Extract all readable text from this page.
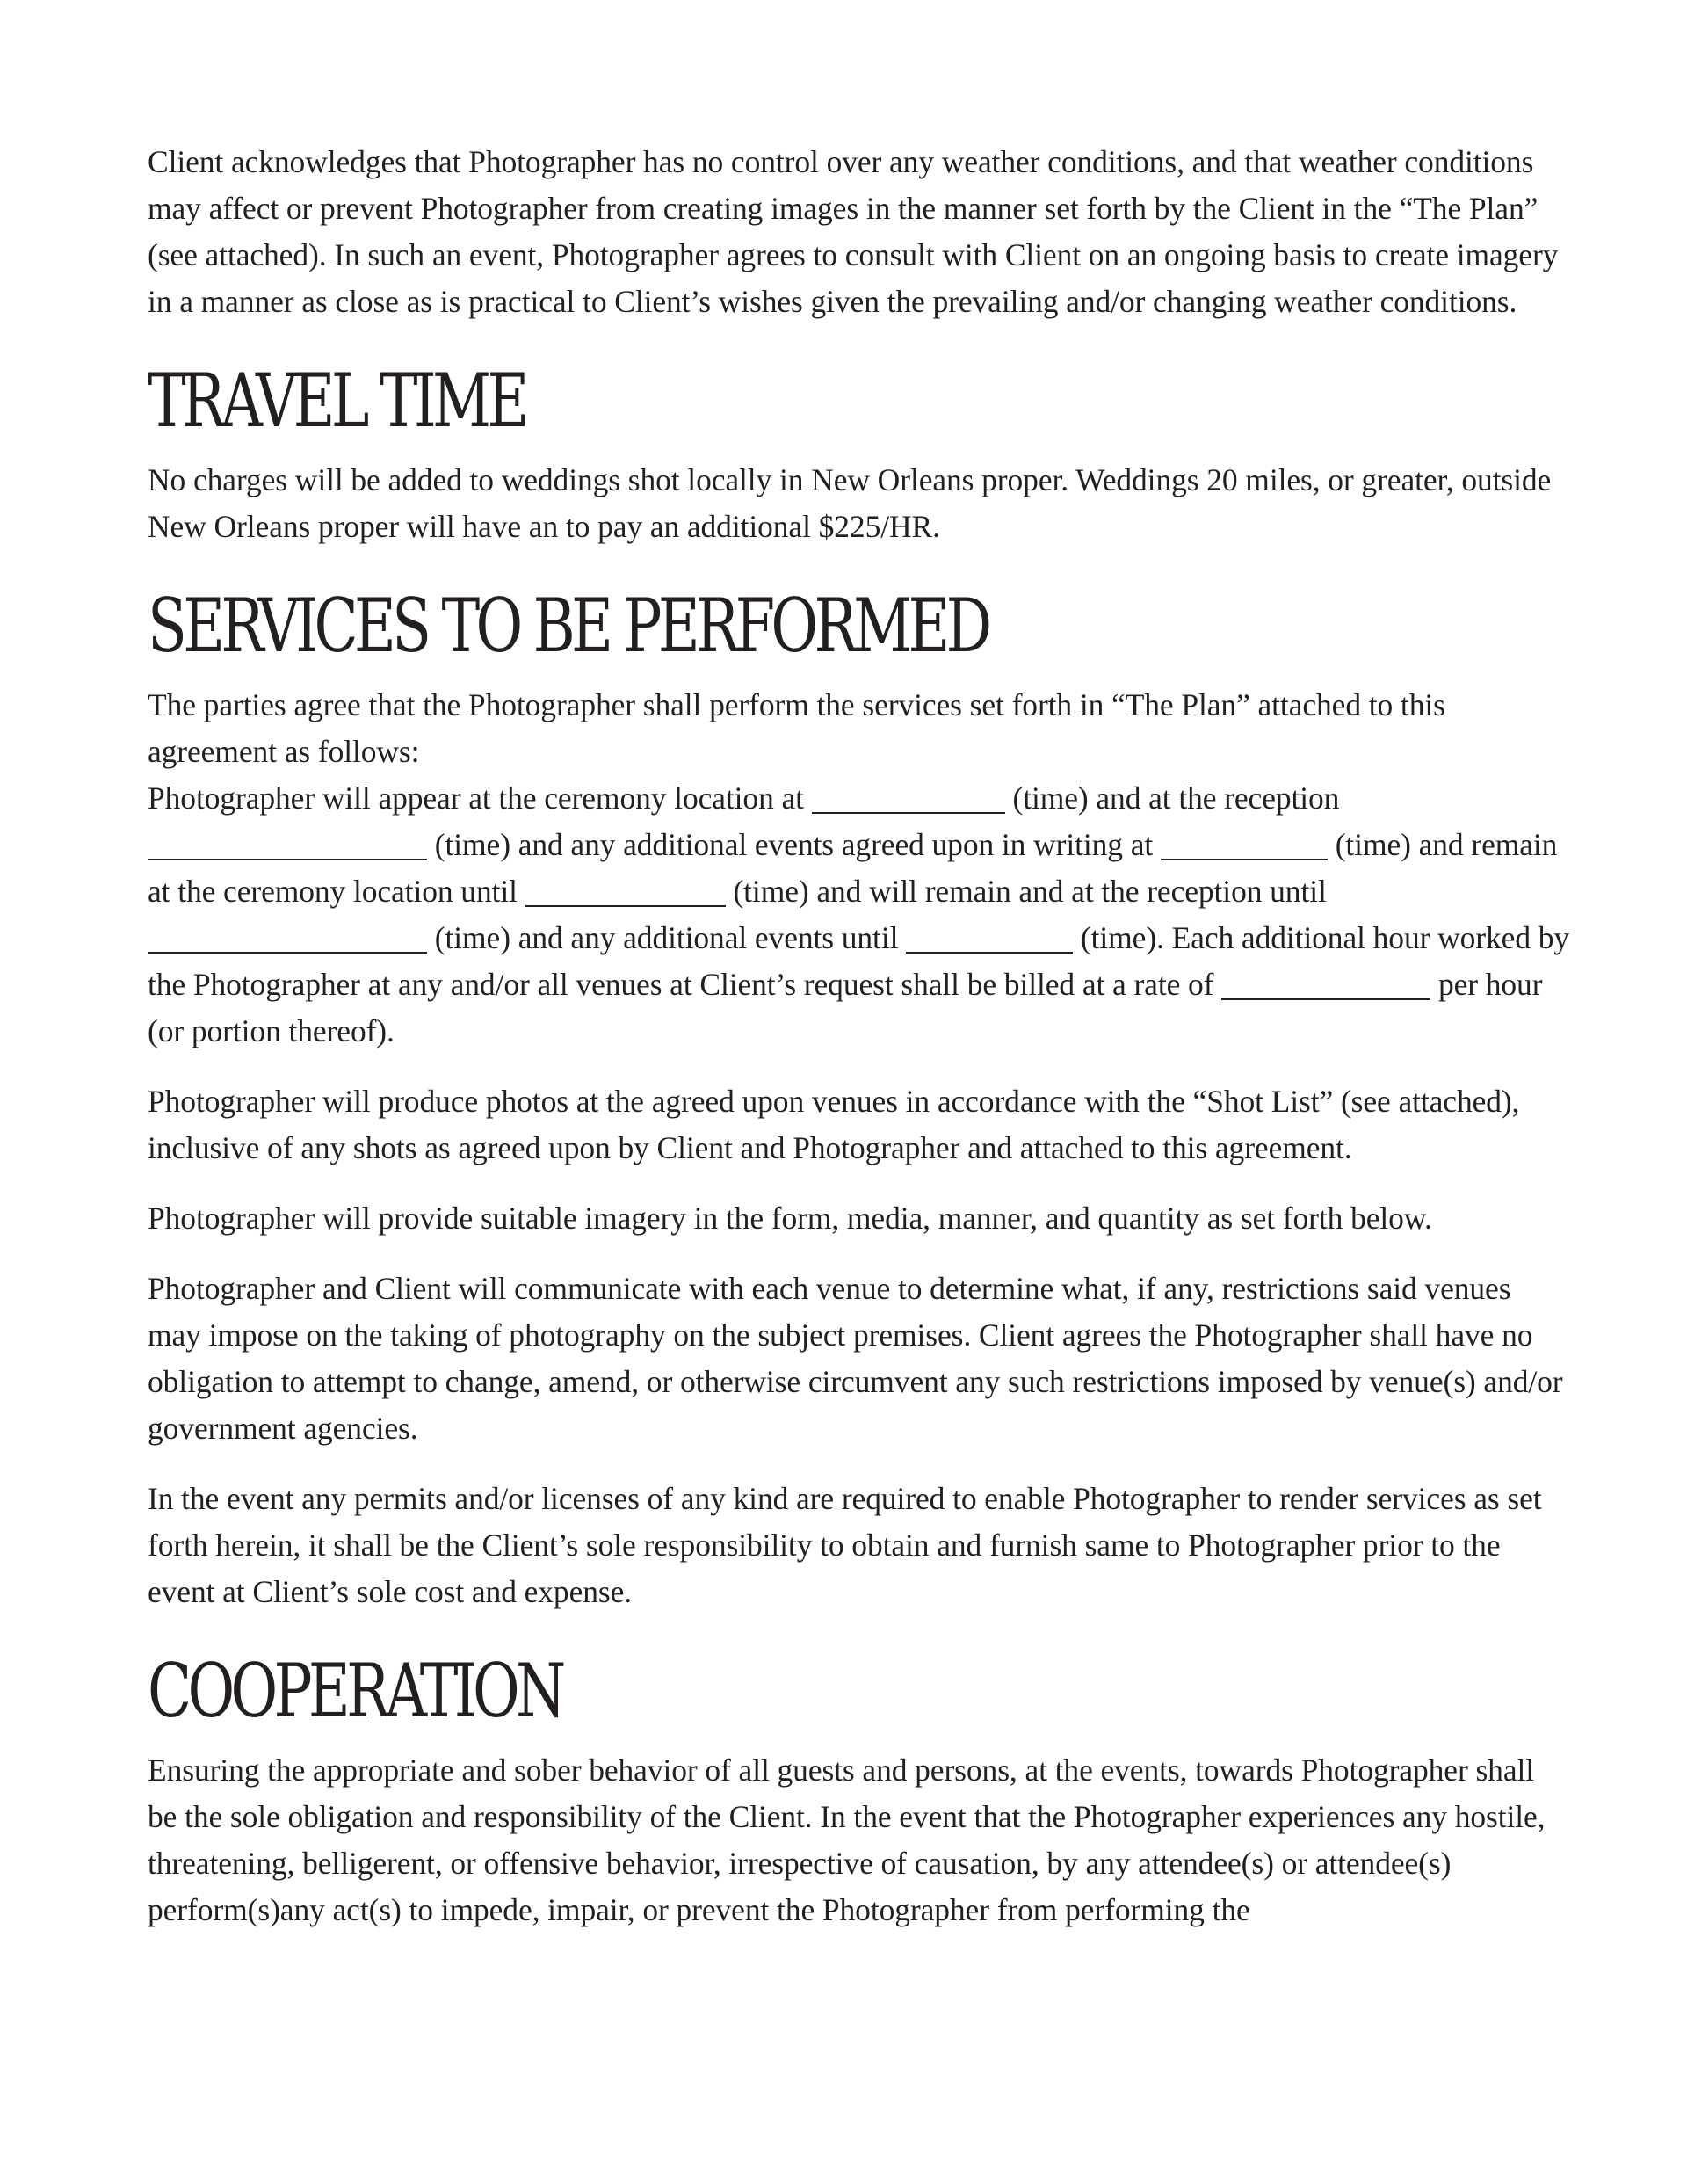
Client acknowledges that Photographer has no control over any weather conditions, and that weather conditions may affect or prevent Photographer from creating images in the manner set forth by the Client in the “The Plan” (see attached). In such an event, Photographer agrees to consult with Client on an ongoing basis to create imagery in a manner as close as is practical to Client’s wishes given the prevailing and/or changing weather conditions.

TRAVEL TIME

No charges will be added to weddings shot locally in New Orleans proper. Weddings 20 miles, or greater, outside New Orleans proper will have an to pay an additional $225/HR.

SERVICES TO BE PERFORMED

The parties agree that the Photographer shall perform the services set forth in “The Plan” attached to this agreement as follows:

Photographer will appear at the ceremony location at	(time) and at the reception  (time) and any additional events agreed upon in writing at	(time) and remain at the ceremony location until	(time) and will remain and at the reception until  (time) and any additional events until	(time). Each additional hour worked by the Photographer at any and/or all venues at Client’s request shall be billed at a rate of	per hour (or portion thereof).

Photographer will produce photos at the agreed upon venues in accordance with the “Shot List” (see attached), inclusive of any shots as agreed upon by Client and Photographer and attached to this agreement.

Photographer will provide suitable imagery in the form, media, manner, and quantity as set forth below.

Photographer and Client will communicate with each venue to determine what, if any, restrictions said venues may impose on the taking of photography on the subject premises. Client agrees the Photographer shall have no obligation to attempt to change, amend, or otherwise circumvent any such restrictions imposed by venue(s) and/or government agencies.

In the event any permits and/or licenses of any kind are required to enable Photographer to render services as set forth herein, it shall be the Client’s sole responsibility to obtain and furnish same to Photographer prior to the event at Client’s sole cost and expense.

COOPERATION

Ensuring the appropriate and sober behavior of all guests and persons, at the events, towards Photographer shall be the sole obligation and responsibility of the Client. In the event that the Photographer experiences any hostile, threatening, belligerent, or offensive behavior, irrespective of causation, by any attendee(s) or attendee(s) perform(s)any act(s) to impede, impair, or prevent the Photographer from performing the
